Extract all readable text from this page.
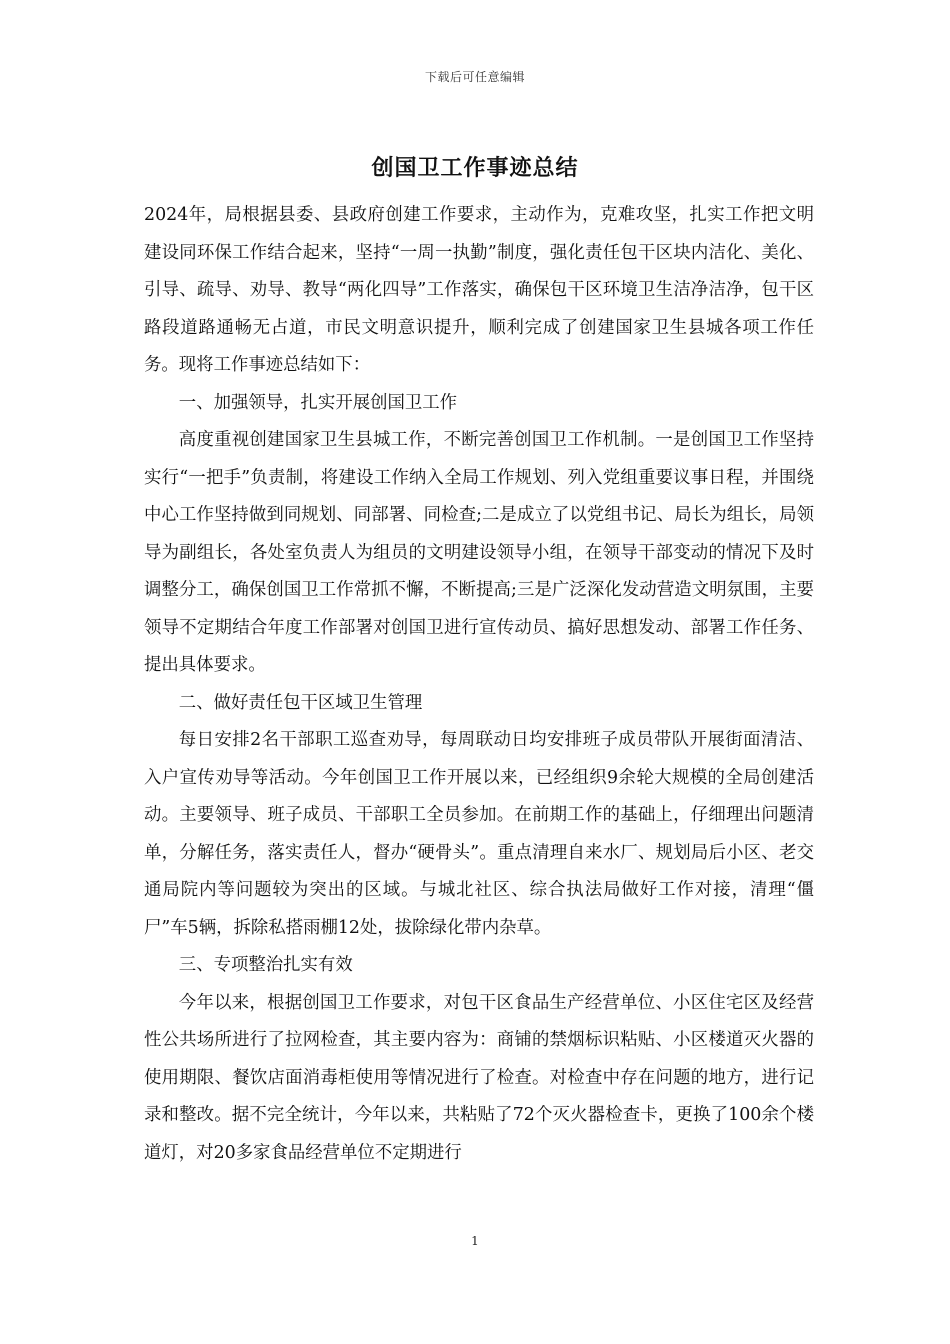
下载后可任意编辑
创国卫工作事迹总结

2024年，局根据县委、县政府创建工作要求，主动作为，克难攻坚，扎实工作把文明建设同环保工作结合起来，坚持“一周一执勤”制度，强化责任包干区块内洁化、美化、引导、疏导、劝导、教导“两化四导”工作落实，确保包干区环境卫生洁净洁净，包干区路段道路通畅无占道，市民文明意识提升，顺利完成了创建国家卫生县城各项工作任务。现将工作事迹总结如下：

一、加强领导，扎实开展创国卫工作

高度重视创建国家卫生县城工作，不断完善创国卫工作机制。一是创国卫工作坚持实行“一把手”负责制，将建设工作纳入全局工作规划、列入党组重要议事日程，并围绕中心工作坚持做到同规划、同部署、同检查;二是成立了以党组书记、局长为组长，局领导为副组长，各处室负责人为组员的文明建设领导小组，在领导干部变动的情况下及时调整分工，确保创国卫工作常抓不懈，不断提高;三是广泛深化发动营造文明氛围，主要领导不定期结合年度工作部署对创国卫进行宣传动员、搞好思想发动、部署工作任务、提出具体要求。

二、做好责任包干区域卫生管理

每日安排2名干部职工巡查劝导，每周联动日均安排班子成员带队开展街面清洁、入户宣传劝导等活动。今年创国卫工作开展以来，已经组织9余轮大规模的全局创建活动。主要领导、班子成员、干部职工全员参加。在前期工作的基础上，仔细理出问题清单，分解任务，落实责任人，督办“硬骨头”。重点清理自来水厂、规划局后小区、老交通局院内等问题较为突出的区域。与城北社区、综合执法局做好工作对接，清理“僵尸”车5辆，拆除私搭雨棚12处，拔除绿化带内杂草。

三、专项整治扎实有效

今年以来，根据创国卫工作要求，对包干区食品生产经营单位、小区住宅区及经营性公共场所进行了拉网检查，其主要内容为：商铺的禁烟标识粘贴、小区楼道灭火器的使用期限、餐饮店面消毒柜使用等情况进行了检查。对检查中存在问题的地方，进行记录和整改。据不完全统计，今年以来，共粘贴了72个灭火器检查卡，更换了100余个楼道灯，对20多家食品经营单位不定期进行

1
